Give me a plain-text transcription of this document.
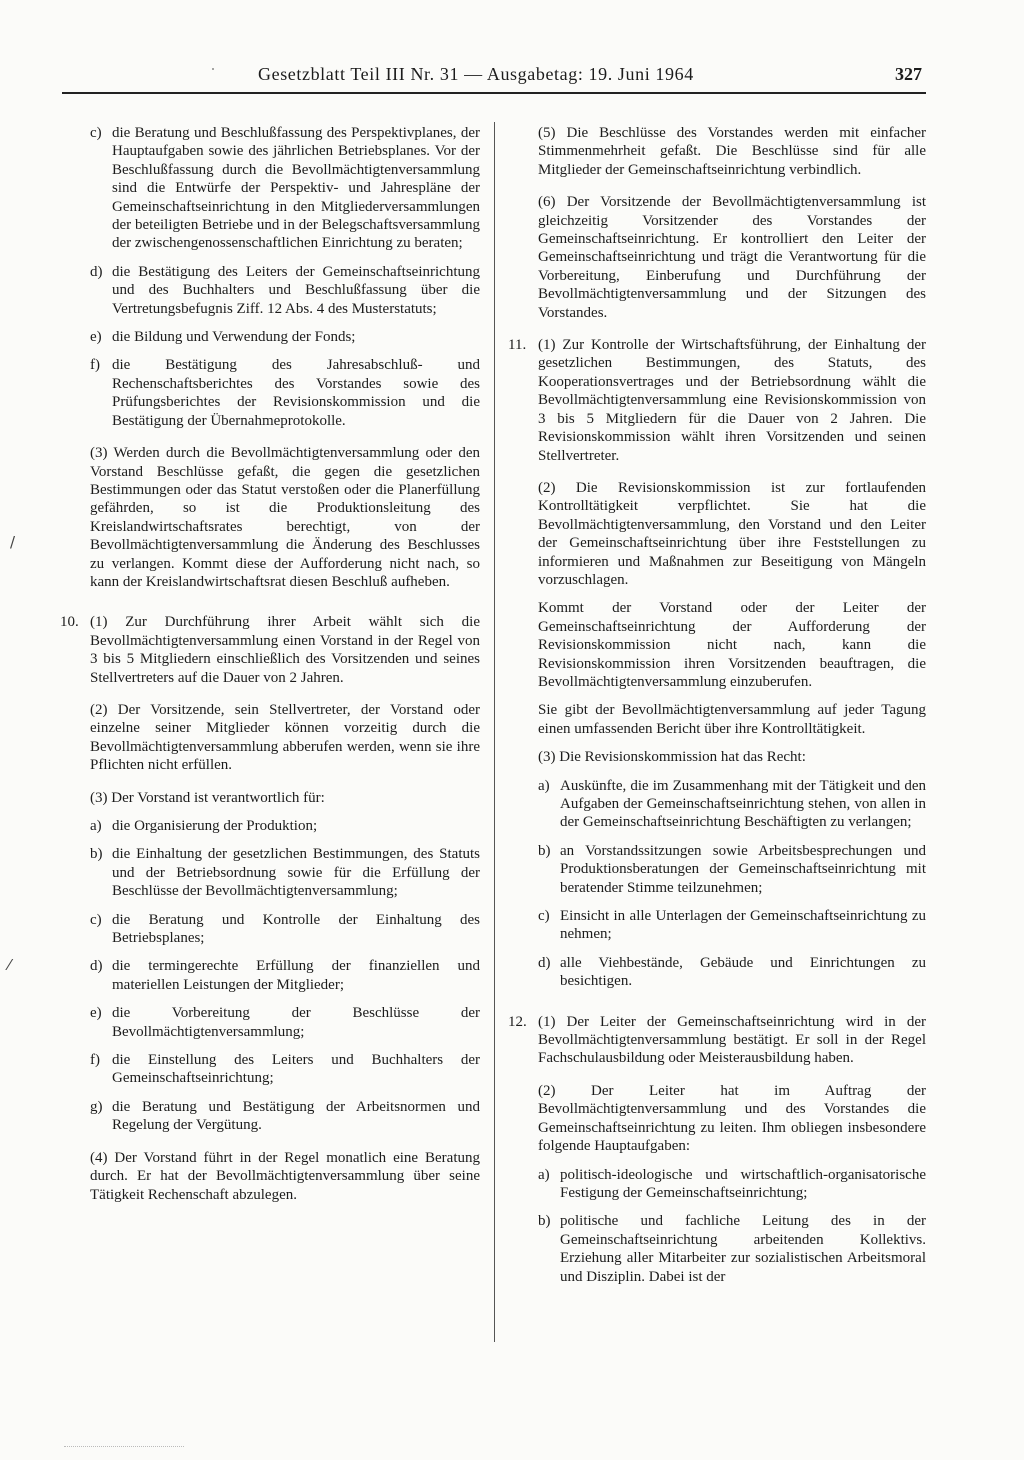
Gesetzblatt Teil III Nr. 31 — Ausgabetag: 19. Juni 1964	327
/
⁄
c) die Beratung und Beschlußfassung des Perspektivplanes, der Hauptaufgaben sowie des jährlichen Betriebsplanes. Vor der Beschlußfassung durch die Bevollmächtigtenversammlung sind die Entwürfe der Perspektiv- und Jahrespläne der Gemeinschaftseinrichtung in den Mitgliederversammlungen der beteiligten Betriebe und in der Belegschaftsversammlung der zwischengenossenschaftlichen Einrichtung zu beraten;
d) die Bestätigung des Leiters der Gemeinschaftseinrichtung und des Buchhalters und Beschlußfassung über die Vertretungsbefugnis Ziff. 12 Abs. 4 des Musterstatuts;
e) die Bildung und Verwendung der Fonds;
f) die Bestätigung des Jahresabschluß- und Rechenschaftsberichtes des Vorstandes sowie des Prüfungsberichtes der Revisionskommission und die Bestätigung der Übernahmeprotokolle.

(3) Werden durch die Bevollmächtigtenversammlung oder den Vorstand Beschlüsse gefaßt, die gegen die gesetzlichen Bestimmungen oder das Statut verstoßen oder die Planerfüllung gefährden, so ist die Produktionsleitung des Kreislandwirtschaftsrates berechtigt, von der Bevollmächtigtenversammlung die Änderung des Beschlusses zu verlangen. Kommt diese der Aufforderung nicht nach, so kann der Kreislandwirtschaftsrat diesen Beschluß aufheben.

10. (1) Zur Durchführung ihrer Arbeit wählt sich die Bevollmächtigtenversammlung einen Vorstand in der Regel von 3 bis 5 Mitgliedern einschließlich des Vorsitzenden und seines Stellvertreters auf die Dauer von 2 Jahren.

(2) Der Vorsitzende, sein Stellvertreter, der Vorstand oder einzelne seiner Mitglieder können vorzeitig durch die Bevollmächtigtenversammlung abberufen werden, wenn sie ihre Pflichten nicht erfüllen.

(3) Der Vorstand ist verantwortlich für:

a) die Organisierung der Produktion;
b) die Einhaltung der gesetzlichen Bestimmungen, des Statuts und der Betriebsordnung sowie für die Erfüllung der Beschlüsse der Bevollmächtigtenversammlung;
c) die Beratung und Kontrolle der Einhaltung des Betriebsplanes;
d) die termingerechte Erfüllung der finanziellen und materiellen Leistungen der Mitglieder;
e) die Vorbereitung der Beschlüsse der Bevollmächtigtenversammlung;
f) die Einstellung des Leiters und Buchhalters der Gemeinschaftseinrichtung;
g) die Beratung und Bestätigung der Arbeitsnormen und Regelung der Vergütung.

(4) Der Vorstand führt in der Regel monatlich eine Beratung durch. Er hat der Bevollmächtigtenversammlung über seine Tätigkeit Rechenschaft abzulegen.

(5) Die Beschlüsse des Vorstandes werden mit einfacher Stimmenmehrheit gefaßt. Die Beschlüsse sind für alle Mitglieder der Gemeinschaftseinrichtung verbindlich.

(6) Der Vorsitzende der Bevollmächtigtenversammlung ist gleichzeitig Vorsitzender des Vorstandes der Gemeinschaftseinrichtung. Er kontrolliert den Leiter der Gemeinschaftseinrichtung und trägt die Verantwortung für die Vorbereitung, Einberufung und Durchführung der Bevollmächtigtenversammlung und der Sitzungen des Vorstandes.

11. (1) Zur Kontrolle der Wirtschaftsführung, der Einhaltung der gesetzlichen Bestimmungen, des Statuts, des Kooperationsvertrages und der Betriebsordnung wählt die Bevollmächtigtenversammlung eine Revisionskommission von 3 bis 5 Mitgliedern für die Dauer von 2 Jahren. Die Revisionskommission wählt ihren Vorsitzenden und seinen Stellvertreter.

(2) Die Revisionskommission ist zur fortlaufenden Kontrolltätigkeit verpflichtet. Sie hat die Bevollmächtigtenversammlung, den Vorstand und den Leiter der Gemeinschaftseinrichtung über ihre Feststellungen zu informieren und Maßnahmen zur Beseitigung von Mängeln vorzuschlagen.

Kommt der Vorstand oder der Leiter der Gemeinschaftseinrichtung der Aufforderung der Revisionskommission nicht nach, kann die Revisionskommission ihren Vorsitzenden beauftragen, die Bevollmächtigtenversammlung einzuberufen.

Sie gibt der Bevollmächtigtenversammlung auf jeder Tagung einen umfassenden Bericht über ihre Kontrolltätigkeit.

(3) Die Revisionskommission hat das Recht:

a) Auskünfte, die im Zusammenhang mit der Tätigkeit und den Aufgaben der Gemeinschaftseinrichtung stehen, von allen in der Gemeinschaftseinrichtung Beschäftigten zu verlangen;
b) an Vorstandssitzungen sowie Arbeitsbesprechungen und Produktionsberatungen der Gemeinschaftseinrichtung mit beratender Stimme teilzunehmen;
c) Einsicht in alle Unterlagen der Gemeinschaftseinrichtung zu nehmen;
d) alle Viehbestände, Gebäude und Einrichtungen zu besichtigen.
12. (1) Der Leiter der Gemeinschaftseinrichtung wird in der Bevollmächtigtenversammlung bestätigt. Er soll in der Regel Fachschulausbildung oder Meisterausbildung haben.

(2) Der Leiter hat im Auftrag der Bevollmächtigtenversammlung und des Vorstandes die Gemeinschaftseinrichtung zu leiten. Ihm obliegen insbesondere folgende Hauptaufgaben:

a) politisch-ideologische und wirtschaftlich-organisatorische Festigung der Gemeinschaftseinrichtung;
b) politische und fachliche Leitung des in der Gemeinschaftseinrichtung arbeitenden Kollektivs. Erziehung aller Mitarbeiter zur sozialistischen Arbeitsmoral und Disziplin. Dabei ist der
